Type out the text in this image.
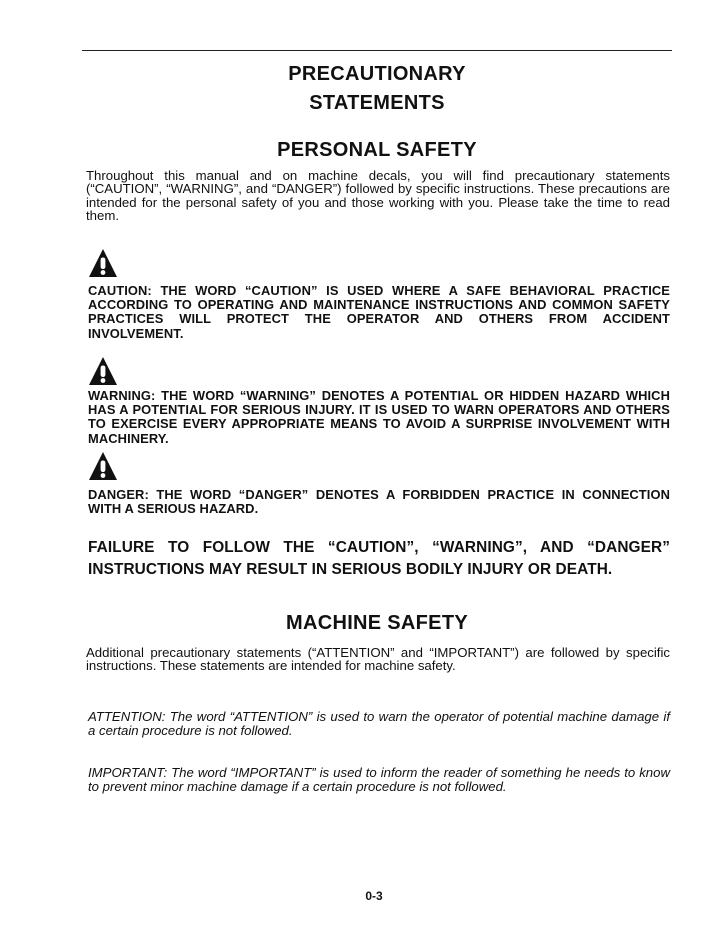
PRECAUTIONARY
STATEMENTS
PERSONAL SAFETY
Throughout this manual and on machine decals, you will find precautionary statements (“CAUTION”, “WARNING”, and “DANGER”) followed by specific instructions. These precautions are intended for the personal safety of you and those working with you. Please take the time to read them.
CAUTION: THE WORD “CAUTION” IS USED WHERE A SAFE BEHAVIORAL PRACTICE ACCORDING TO OPERATING AND MAINTENANCE INSTRUCTIONS AND COMMON SAFETY PRACTICES WILL PROTECT THE OPERATOR AND OTHERS FROM ACCIDENT INVOLVEMENT.
WARNING: THE WORD “WARNING” DENOTES A POTENTIAL OR HIDDEN HAZARD WHICH HAS A POTENTIAL FOR SERIOUS INJURY. IT IS USED TO WARN OPERATORS AND OTHERS TO EXERCISE EVERY APPROPRIATE MEANS TO AVOID A SURPRISE INVOLVEMENT WITH MACHINERY.
DANGER: THE WORD “DANGER” DENOTES A FORBIDDEN PRACTICE IN CONNECTION WITH A SERIOUS HAZARD.
FAILURE TO FOLLOW THE “CAUTION”, “WARNING”, AND “DANGER”
INSTRUCTIONS MAY RESULT IN SERIOUS BODILY INJURY OR DEATH.
MACHINE SAFETY
Additional precautionary statements (“ATTENTION” and “IMPORTANT”) are followed by specific instructions. These statements are intended for machine safety.
ATTENTION: The word “ATTENTION” is used to warn the operator of potential machine damage if a certain procedure is not followed.
IMPORTANT: The word “IMPORTANT” is used to inform the reader of something he needs to know to prevent minor machine damage if a certain procedure is not followed.
0-3
